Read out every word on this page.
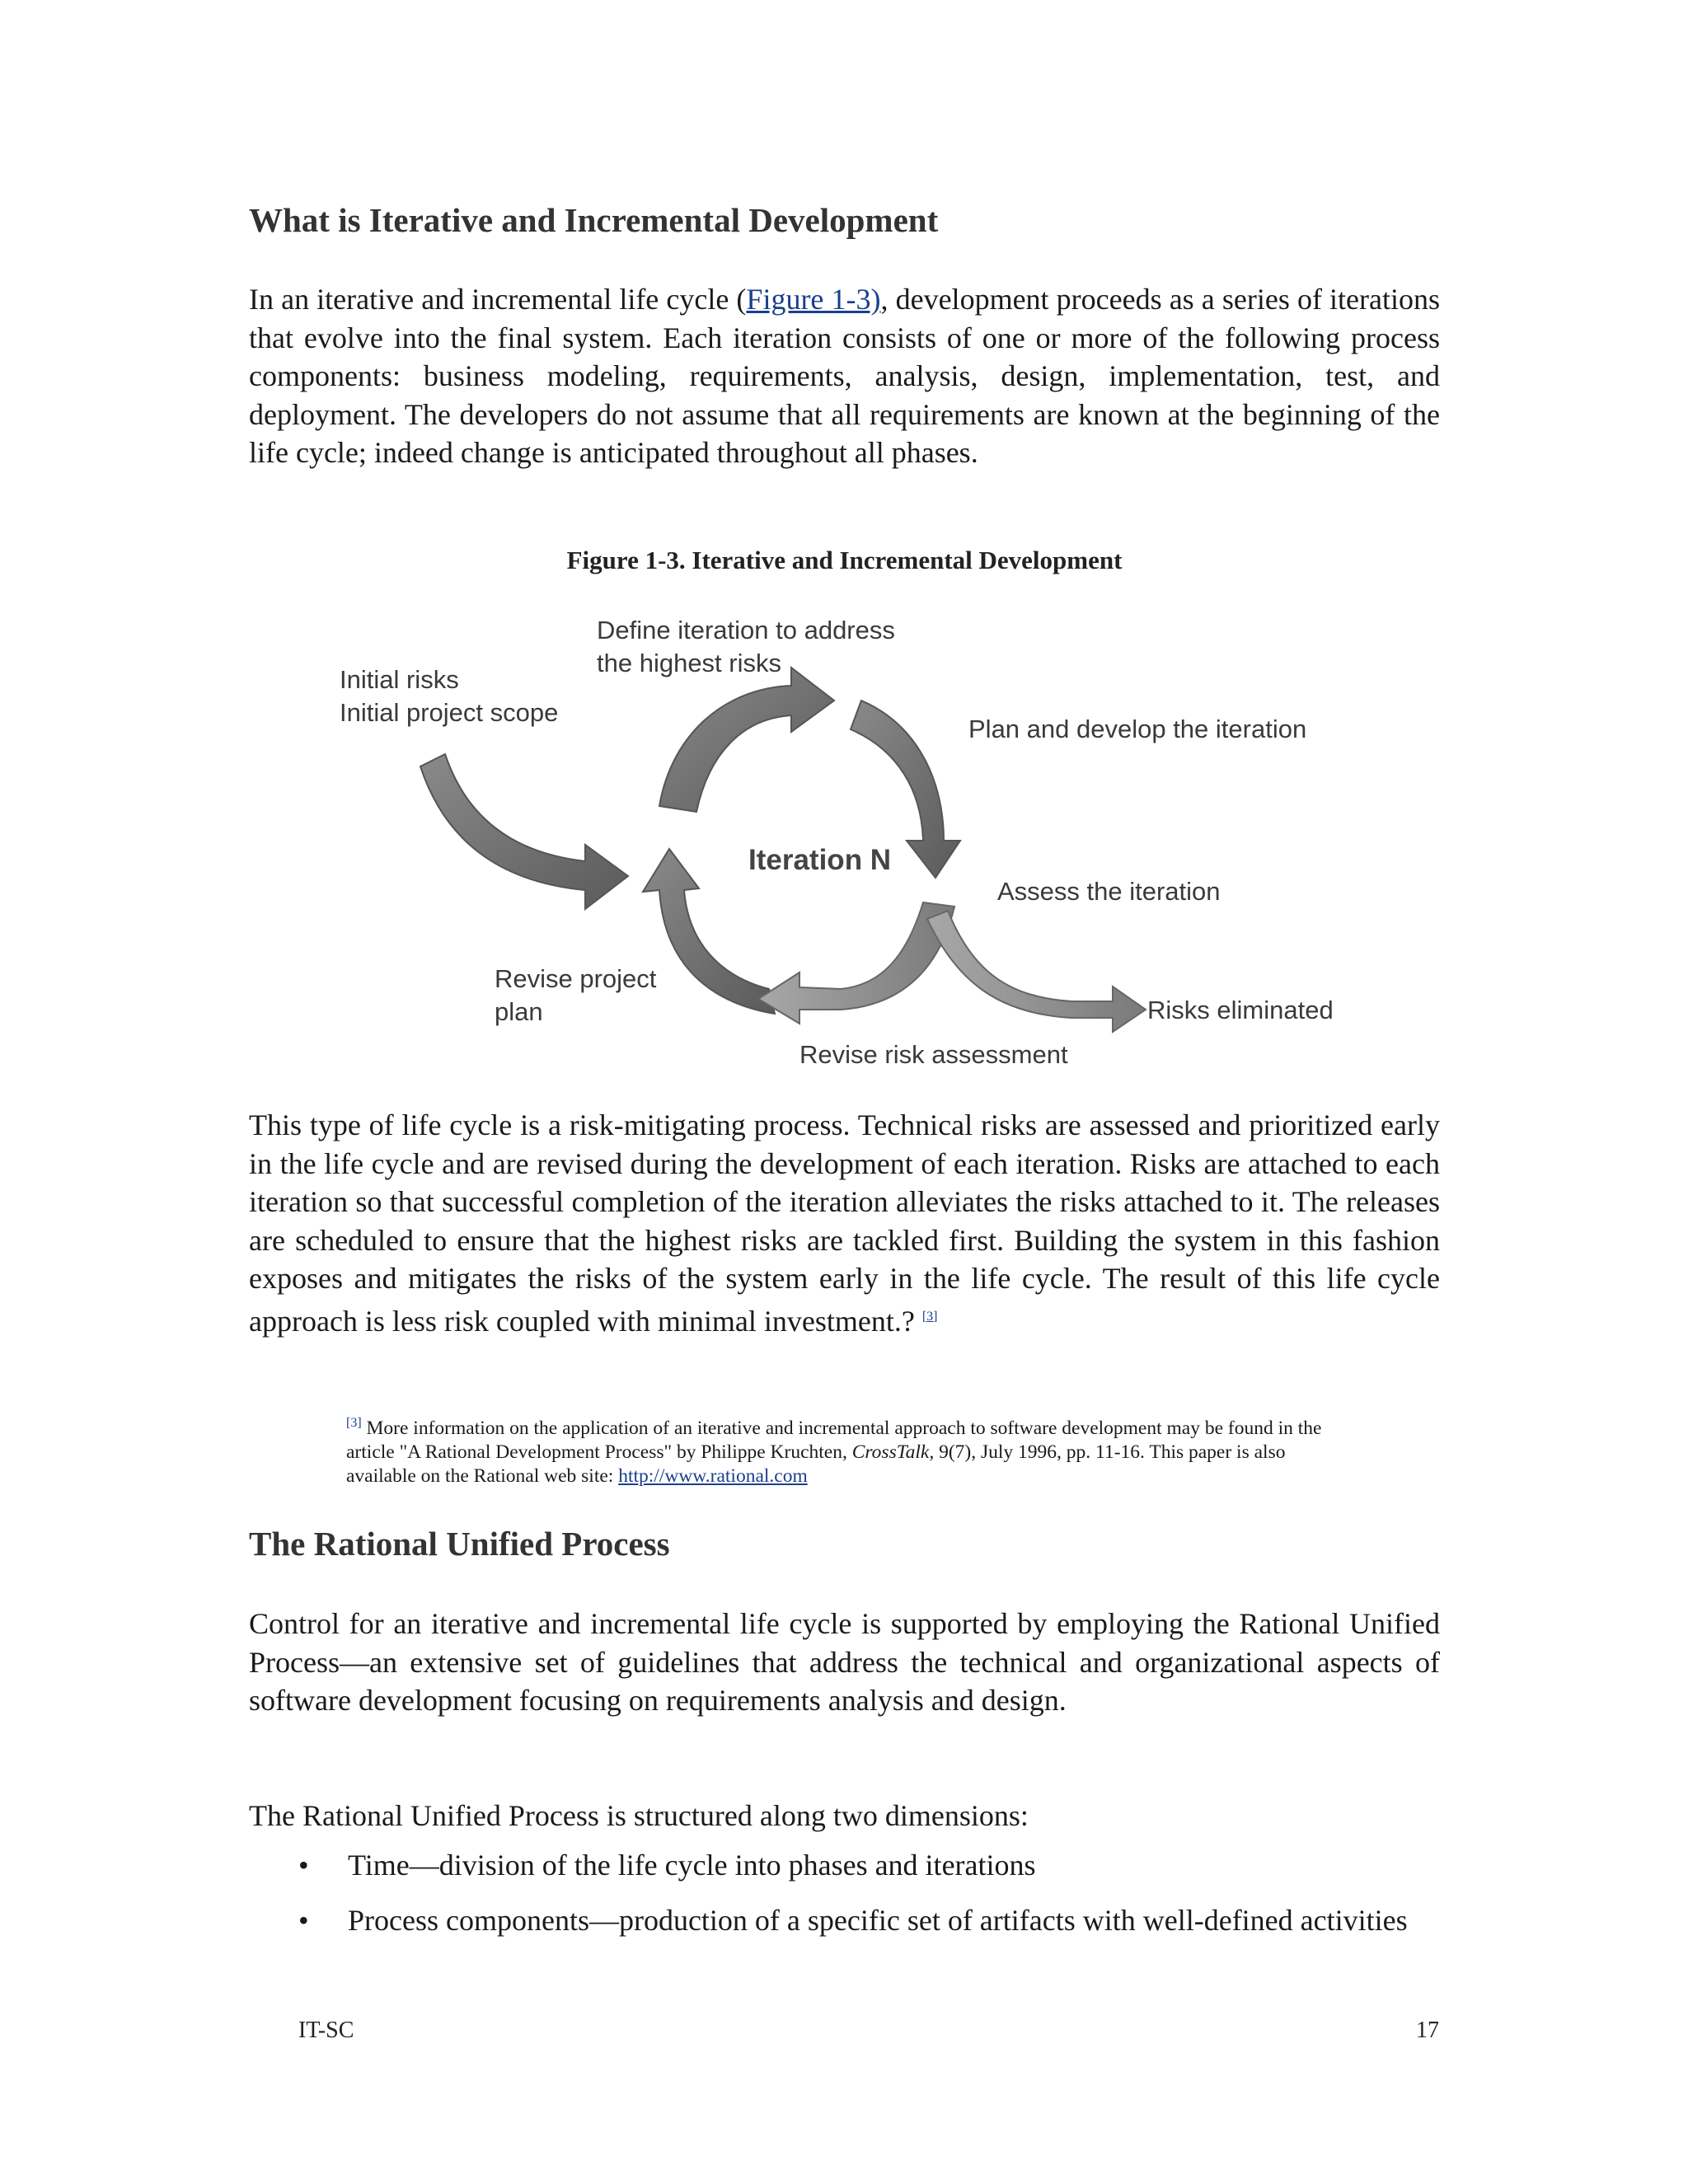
What is Iterative and Incremental Development

In an iterative and incremental life cycle (Figure 1-3), development proceeds as a series of iterations that evolve into the final system. Each iteration consists of one or more of the following process components: business modeling, requirements, analysis, design, implementation, test, and deployment. The developers do not assume that all requirements are known at the beginning of the life cycle; indeed change is anticipated throughout all phases.

Figure 1-3. Iterative and Incremental Development
Initial risks
Initial project scope
Define iteration to address
the highest risks
Plan and develop the iteration
Iteration N
Assess the iteration
Revise project
plan	Risks eliminated
Revise risk assessment

This type of life cycle is a risk-mitigating process. Technical risks are assessed and prioritized early in the life cycle and are revised during the development of each iteration. Risks are attached to each iteration so that successful completion of the iteration alleviates the risks attached to it. The releases are scheduled to ensure that the highest risks are tackled first. Building the system in this fashion exposes and mitigates the risks of the system early in the life cycle. The result of this life cycle approach is less risk coupled with minimal investment.? [3]

[3] More information on the application of an iterative and incremental approach to software development may be found in the article "A Rational Development Process" by Philippe Kruchten, CrossTalk, 9(7), July 1996, pp. 11-16. This paper is also available on the Rational web site: http://www.rational.com

The Rational Unified Process

Control for an iterative and incremental life cycle is supported by employing the Rational Unified Process—an extensive set of guidelines that address the technical and organizational aspects of software development focusing on requirements analysis and design.

The Rational Unified Process is structured along two dimensions:

• Time—division of the life cycle into phases and iterations
• Process components—production of a specific set of artifacts with well-defined activities
IT-SC	17
